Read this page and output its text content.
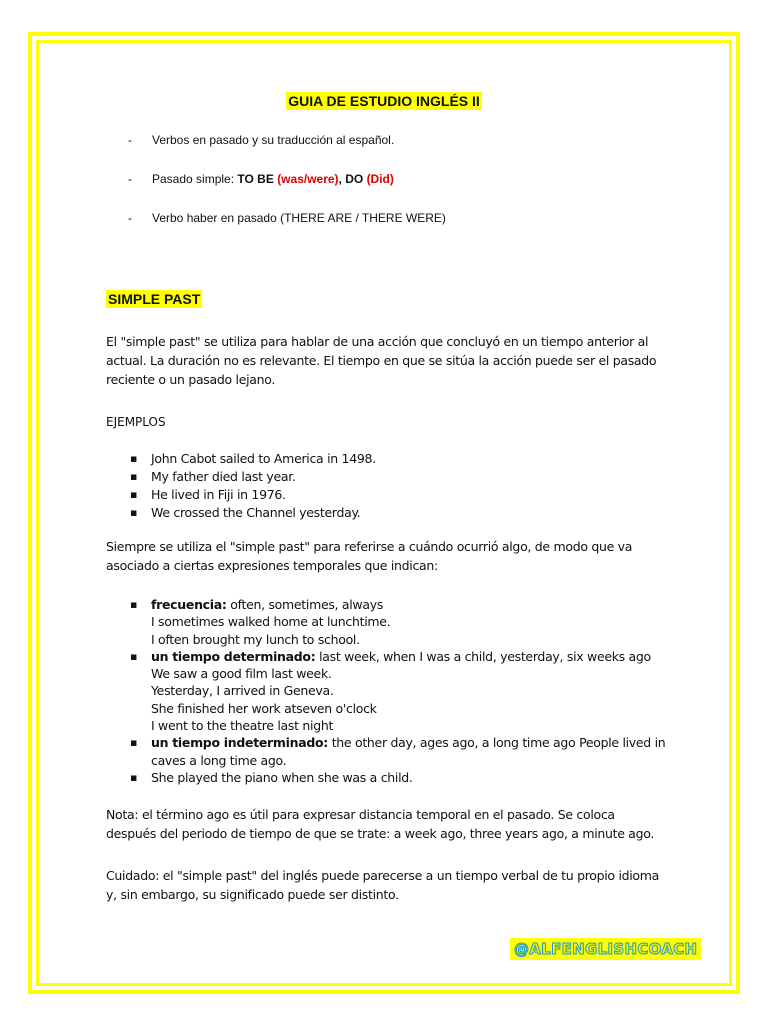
GUIA DE ESTUDIO INGLÉS II
- Verbos en pasado y su traducción al español.
- Pasado simple: TO BE (was/were), DO (Did)
- Verbo haber en pasado (THERE ARE / THERE WERE)
SIMPLE PAST
El "simple past" se utiliza para hablar de una acción que concluyó en un tiempo anterior al actual. La duración no es relevante. El tiempo en que se sitúa la acción puede ser el pasado reciente o un pasado lejano.
EJEMPLOS
▪ John Cabot sailed to America in 1498.
▪ My father died last year.
▪ He lived in Fiji in 1976.
▪ We crossed the Channel yesterday.
Siempre se utiliza el "simple past" para referirse a cuándo ocurrió algo, de modo que va asociado a ciertas expresiones temporales que indican:
▪ frecuencia: often, sometimes, always
I sometimes walked home at lunchtime.
I often brought my lunch to school.
▪ un tiempo determinado: last week, when I was a child, yesterday, six weeks ago
We saw a good film last week.
Yesterday, I arrived in Geneva.
She finished her work atseven o'clock
I went to the theatre last night
▪ un tiempo indeterminado: the other day, ages ago, a long time ago People lived in caves a long time ago.
▪ She played the piano when she was a child.
Nota: el término ago es útil para expresar distancia temporal en el pasado. Se coloca después del periodo de tiempo de que se trate: a week ago, three years ago, a minute ago.
Cuidado: el "simple past" del inglés puede parecerse a un tiempo verbal de tu propio idioma y, sin embargo, su significado puede ser distinto.
@ALFENGLISHCOACH
